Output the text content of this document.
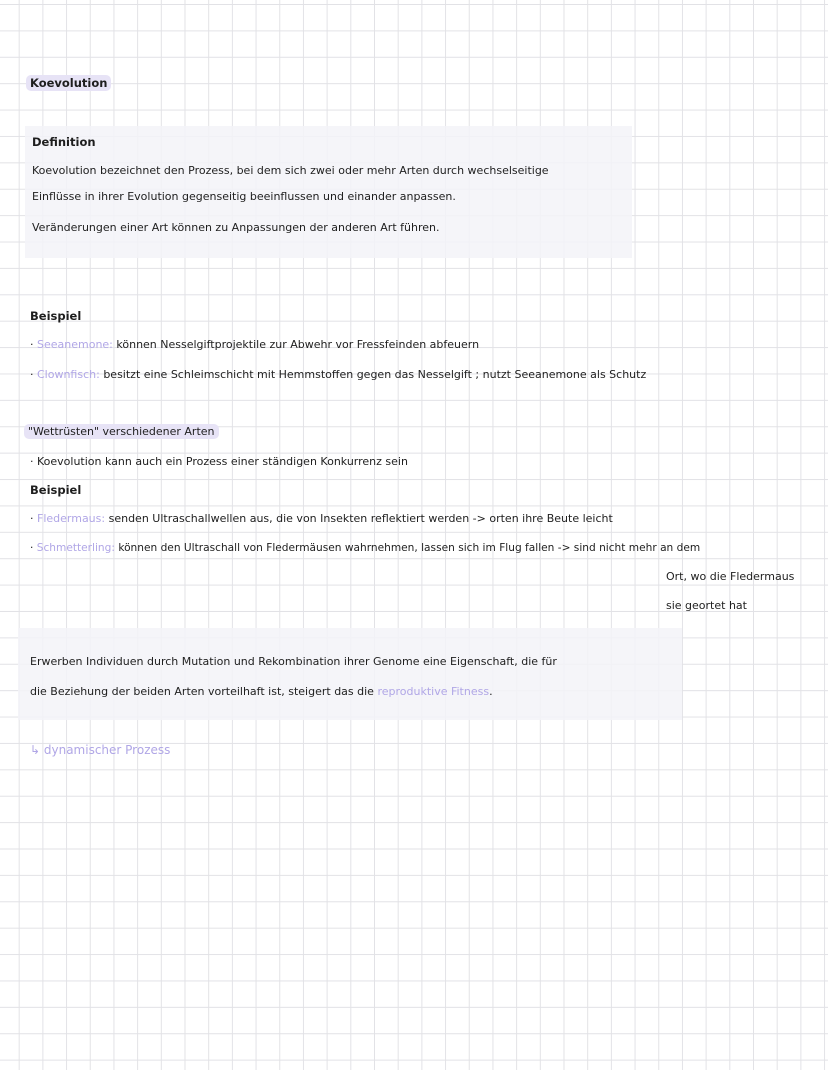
Koevolution
Definition
Koevolution bezeichnet den Prozess, bei dem sich zwei oder mehr Arten durch wechselseitige
Einflüsse in ihrer Evolution gegenseitig beeinflussen und einander anpassen.
Veränderungen einer Art können zu Anpassungen der anderen Art führen.
Beispiel
· Seeanemone: können Nesselgiftprojektile zur Abwehr vor Fressfeinden abfeuern
· Clownfisch: besitzt eine Schleimschicht mit Hemmstoffen gegen das Nesselgift ; nutzt Seeanemone als Schutz
"Wettrüsten" verschiedener Arten
· Koevolution kann auch ein Prozess einer ständigen Konkurrenz sein
Beispiel
· Fledermaus: senden Ultraschallwellen aus, die von Insekten reflektiert werden -> orten ihre Beute leicht
· Schmetterling: können den Ultraschall von Fledermäusen wahrnehmen, lassen sich im Flug fallen -> sind nicht mehr an dem
Ort, wo die Fledermaus
sie geortet hat
Erwerben Individuen durch Mutation und Rekombination ihrer Genome eine Eigenschaft, die für
die Beziehung der beiden Arten vorteilhaft ist, steigert das die reproduktive Fitness.
↳ dynamischer Prozess
